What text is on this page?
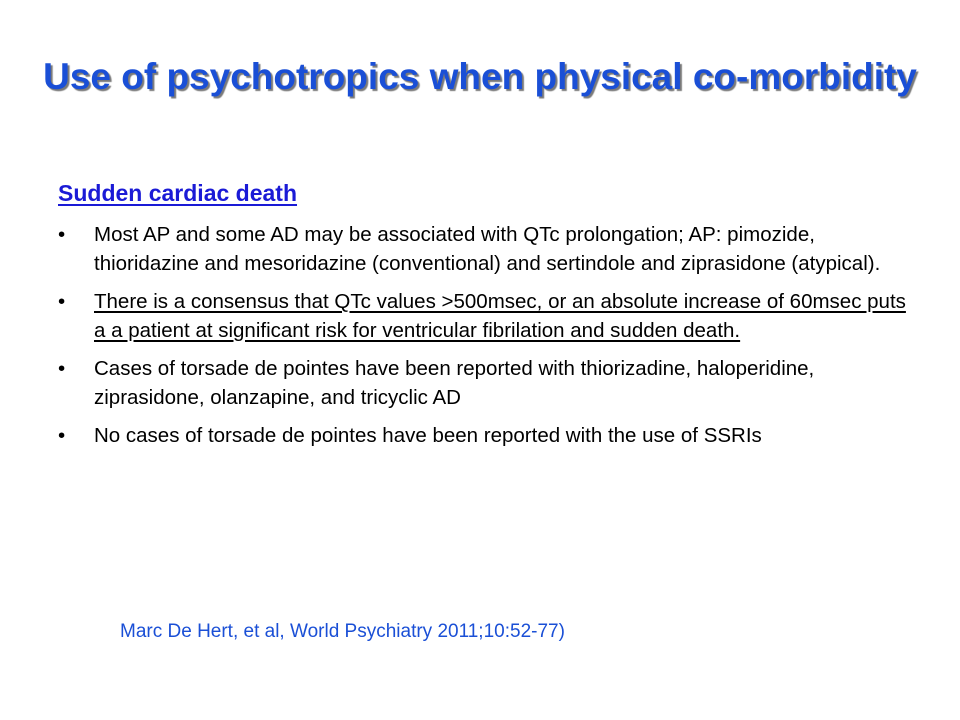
Use of psychotropics when physical co-morbidity
Sudden cardiac death
•	Most AP and some AD may be associated with QTc prolongation; AP: pimozide, thioridazine and mesoridazine (conventional) and sertindole and ziprasidone (atypical).
•	There is a consensus that QTc values >500msec, or an absolute increase of 60msec puts a a patient at significant risk for ventricular fibrilation and sudden death.
•	Cases of torsade de pointes have been reported with thiorizadine, haloperidine, ziprasidone, olanzapine, and tricyclic AD
•	No cases of torsade de pointes have been reported with the use of SSRIs

Marc De Hert, et al, World Psychiatry 2011;10:52-77)
